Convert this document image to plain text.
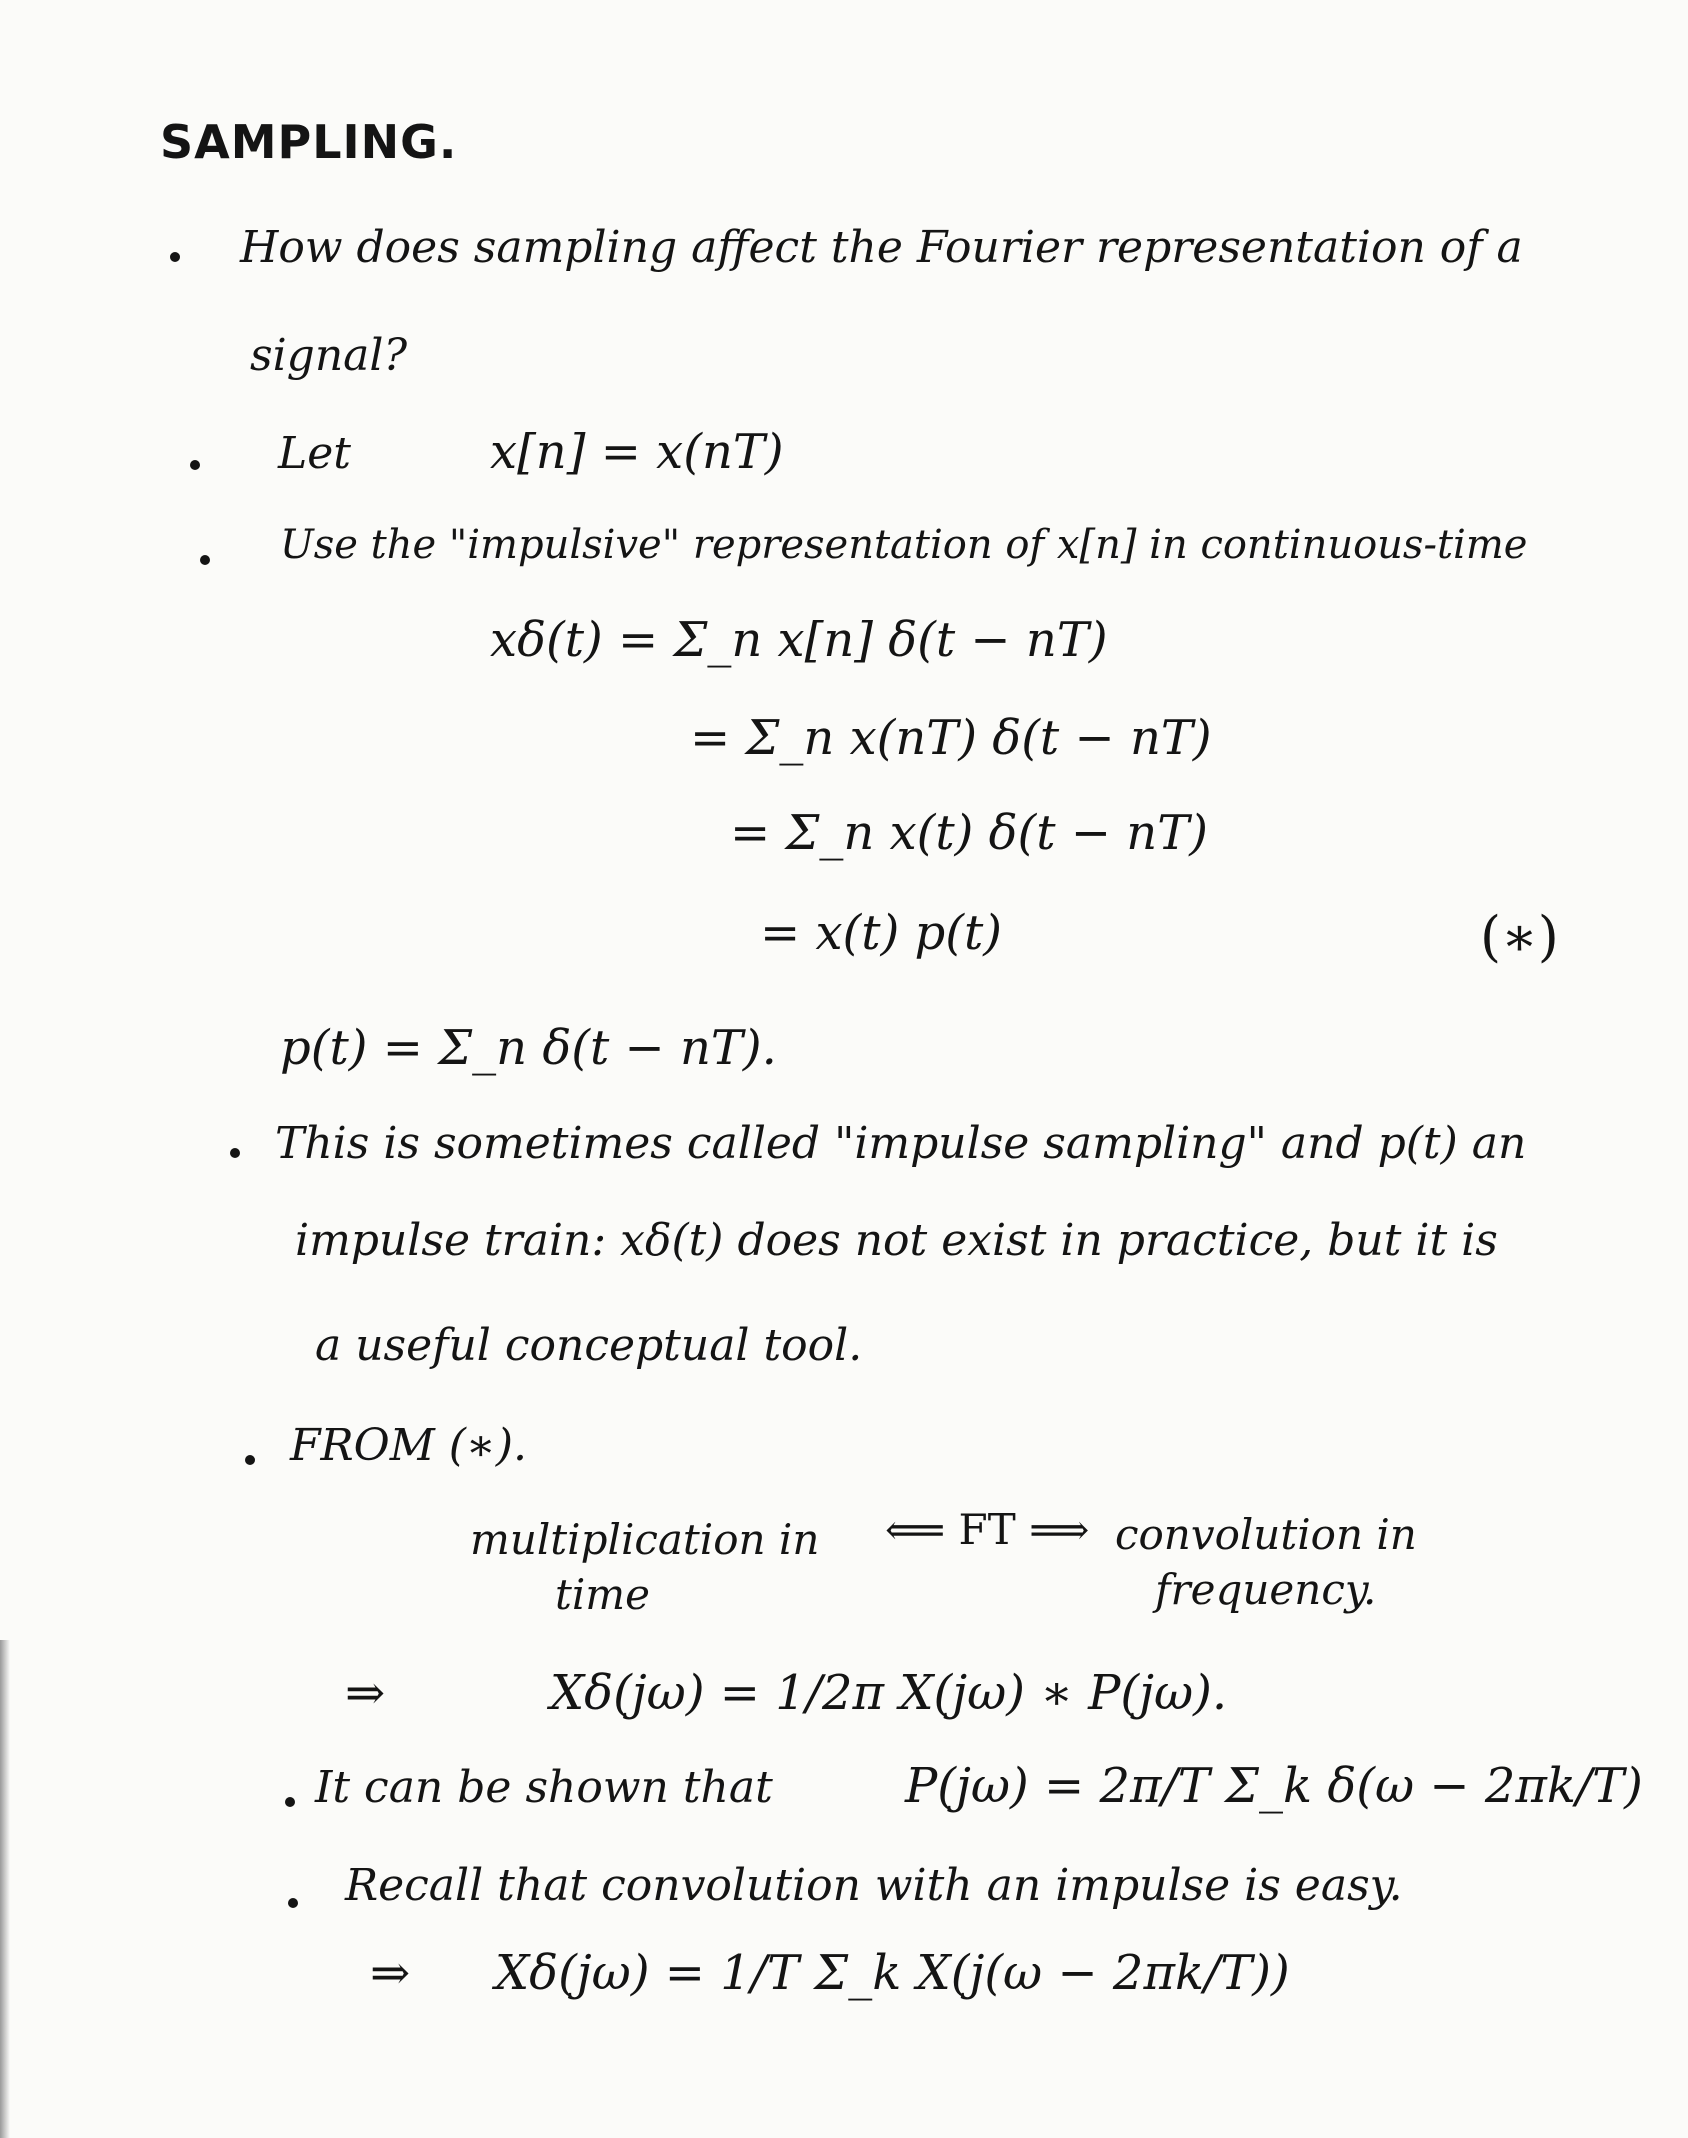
SAMPLING.
How does sampling affect the Fourier representation of a
signal?
Let	x[n] = x(nT)
Use the "impulsive" representation of x[n] in continuous-time
xδ(t) = Σ_n x[n] δ(t − nT)
= Σ_n x(nT) δ(t − nT)
= Σ_n x(t) δ(t − nT)
= x(t) p(t)	(∗)
p(t) = Σ_n δ(t − nT).
This is sometimes called "impulse sampling" and p(t) an
impulse train: xδ(t) does not exist in practice, but it is
a useful conceptual tool.
FROM (∗).
multiplication in
time
⟸ FT ⟹ convolution in
frequency.
⇒	Xδ(jω) = 1/2π X(jω) ∗ P(jω).
It can be shown that	P(jω) = 2π/T Σ_k δ(ω − 2πk/T)
Recall that convolution with an impulse is easy.
⇒ Xδ(jω) = 1/T Σ_k X(j(ω − 2πk/T))
